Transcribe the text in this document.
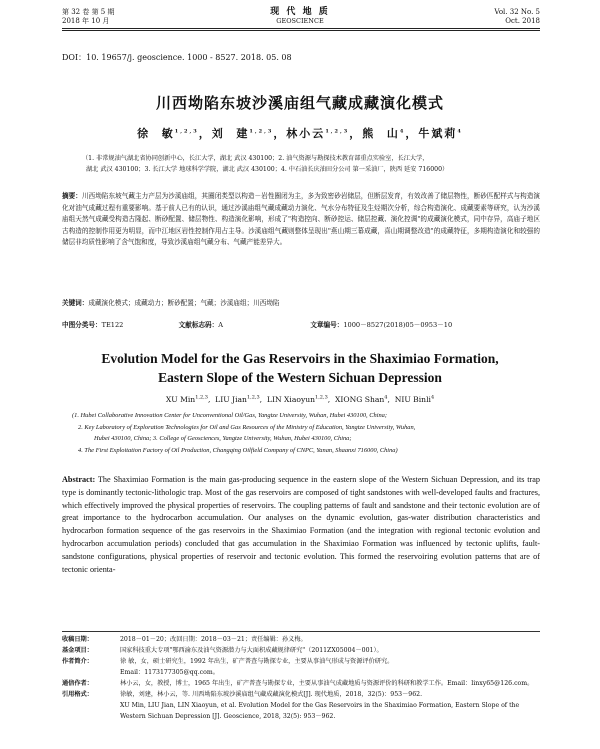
第 32 卷 第 5 期
2018 年 10 月
现 代 地 质
GEOSCIENCE
Vol. 32 No. 5
Oct. 2018
DOI：10. 19657/j. geoscience. 1000 - 8527. 2018. 05. 08
川西坳陷东坡沙溪庙组气藏成藏演化模式
徐  敏$^{1,2,3}$，刘  建$^{1,2,3}$，林小云$^{1,2,3}$，熊  山$^4$，牛斌莉$^4$
（1. 非常规油气湖北省协同创新中心，长江大学，湖北 武汉 430100；2. 油气资源与勘探技术教育部重点实验室，长江大学，
湖北 武汉 430100；3. 长江大学 地球科学学院，湖北 武汉 430100；4. 中石油长庆油田分公司 第一采油厂，陕西 延安 716000）
摘要：川西坳陷东坡气藏主力产层为沙溪庙组，其圈闭类型以构造－岩性圈闭为主，多为致密砂岩储层，但断层发育，有效改善了储层物性，断砂匹配样式与构造演化对油气成藏过程有重要影响。基于前人已有的认识，通过沙溪庙组气藏成藏动力演化、气水分布特征及生烃期次分析，综合构造演化、成藏要素等研究，认为沙溪庙组天然气成藏受构造古隆起、断砂配置、储层物性、构造演化影响，形成了"构造控向、断砂控运、储层控藏、演化控调"的成藏演化模式，同中存异，高庙子地区古构造的控制作用更为明显，而中江地区岩性控制作用占主导。沙溪庙组气藏则整体呈现出"燕山期三幕成藏，喜山期调整改造"的成藏特征，多期构造演化和较强的储层非均质性影响了含气饱和度，导致沙溪庙组气藏分布、气藏产能差异大。
关键词：成藏演化模式；成藏动力；断砂配置；气藏；沙溪庙组；川西坳陷
中图分类号：TE122	文献标志码：A	文章编号：1000－8527(2018)05－0953－10
Evolution Model for the Gas Reservoirs in the Shaximiao Formation,
Eastern Slope of the Western Sichuan Depression
XU Min$^{1,2,3}$,  LIU Jian$^{1,2,3}$,  LIN Xiaoyun$^{1,2,3}$,  XIONG Shan$^4$,  NIU Binli$^4$
(1. Hubei Collaborative Innovation Center for Unconventional Oil/Gas, Yangtze University, Wuhan, Hubei 430100, China;
2. Key Laboratory of Exploration Technologies for Oil and Gas Resources of the Ministry of Education, Yangtze University, Wuhan,
Hubei 430100, China; 3. College of Geosciences, Yangtze University, Wuhan, Hubei 430100, China;
4. The First Exploitation Factory of Oil Production, Changqing Oilfield Company of CNPC, Yanan, Shaanxi 716000, China)
Abstract: The Shaximiao Formation is the main gas-producing sequence in the eastern slope of the Western Sichuan Depression, and its trap type is dominantly tectonic-lithologic trap. Most of the gas reservoirs are composed of tight sandstones with well-developed faults and fractures, which effectively improved the physical properties of reservoirs. The coupling patterns of fault and sandstone and their tectonic evolution are of great importance to the hydrocarbon accumulation. Our analyses on the dynamic evolution, gas-water distribution characteristics and hydrocarbon formation sequence of the gas reservoirs in the Shaximiao Formation (and the integration with regional tectonic evolution and hydrocarbon accumulation periods) concluded that gas accumulation in the Shaximiao Formation was influenced by tectonic uplifts, fault-sandstone configurations, physical properties of reservoir and tectonic evolution. This formed the reservoiring evolution patterns that are of tectonic orienta-
收稿日期：	2018－01－20；改回日期：2018－03－21；责任编辑：孙义梅。
基金项目：	国家科技重大专项"鄂西渝东及油气资源潜力与大面积成藏规律研究"（2011ZX05004－001）。
作者简介：	徐 敏，女，硕士研究生，1992 年出生，矿产普查与勘探专业，主要从事油气形成与资源评价研究。
Email：1173177305@qq.com。
通信作者：	林小云，女，教授，博士，1965 年出生，矿产普查与勘探专业，主要从事油气成藏地质与资源评价的科研和教学工作。Email：linxy65@126.com。
引用格式：	徐敏，刘建，林小云，等. 川西坳陷东坡沙溪庙组气藏成藏演化模式[J]. 现代地质，2018，32(5)：953－962.
XU Min, LIU Jian, LIN Xiaoyun, et al. Evolution Model for the Gas Reservoirs in the Shaximiao Formation, Eastern Slope of the Western Sichuan Depression [J]. Geoscience, 2018, 32(5): 953－962.
